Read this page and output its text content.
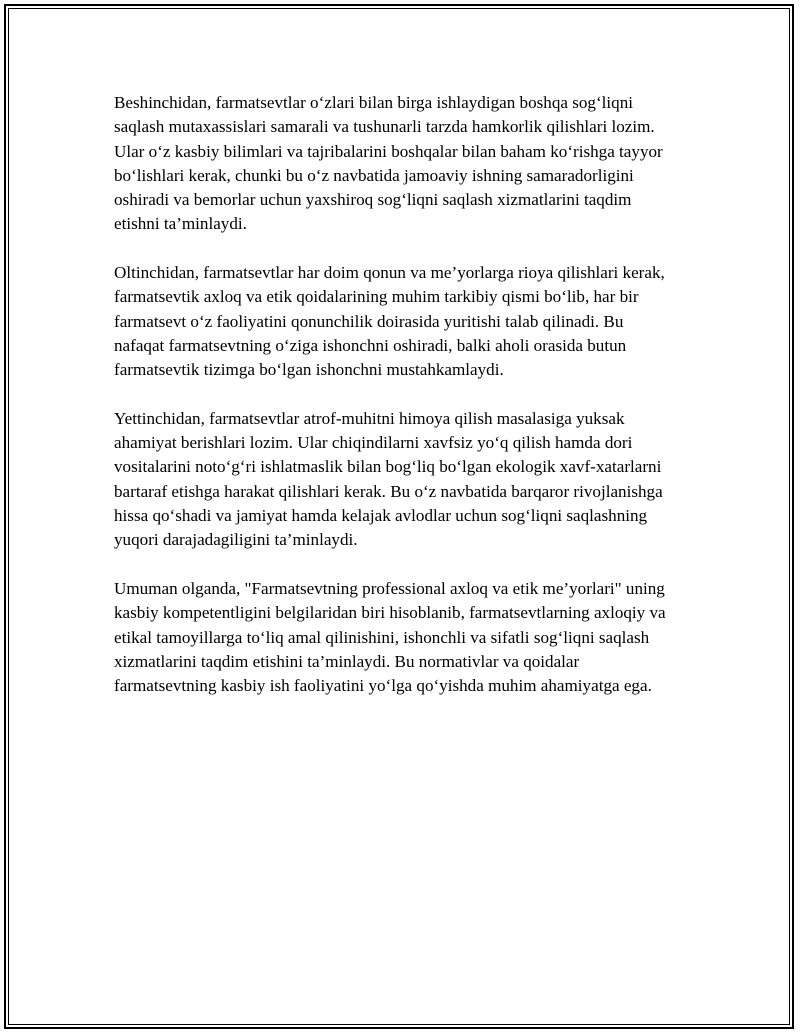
Beshinchidan, farmatsevtlar o‘zlari bilan birga ishlaydigan boshqa sog‘liqni saqlash mutaxassislari samarali va tushunarli tarzda hamkorlik qilishlari lozim. Ular o‘z kasbiy bilimlari va tajribalarini boshqalar bilan baham ko‘rishga tayyor bo‘lishlari kerak, chunki bu o‘z navbatida jamoaviy ishning samaradorligini oshiradi va bemorlar uchun yaxshiroq sog‘liqni saqlash xizmatlarini taqdim etishni ta’minlaydi.

Oltinchidan, farmatsevtlar har doim qonun va me’yorlarga rioya qilishlari kerak, farmatsevtik axloq va etik qoidalarining muhim tarkibiy qismi bo‘lib, har bir farmatsevt o‘z faoliyatini qonunchilik doirasida yuritishi talab qilinadi. Bu nafaqat farmatsevtning o‘ziga ishonchni oshiradi, balki aholi orasida butun farmatsevtik tizimga bo‘lgan ishonchni mustahkamlaydi.

Yettinchidan, farmatsevtlar atrof-muhitni himoya qilish masalasiga yuksak ahamiyat berishlari lozim. Ular chiqindilarni xavfsiz yo‘q qilish hamda dori vositalarini noto‘g‘ri ishlatmaslik bilan bog‘liq bo‘lgan ekologik xavf-xatarlarni bartaraf etishga harakat qilishlari kerak. Bu o‘z navbatida barqaror rivojlanishga hissa qo‘shadi va jamiyat hamda kelajak avlodlar uchun sog‘liqni saqlashning yuqori darajadagiligini ta’minlaydi.

Umuman olganda, "Farmatsevtning professional axloq va etik me’yorlari" uning kasbiy kompetentligini belgilaridan biri hisoblanib, farmatsevtlarning axloqiy va etikal tamoyillarga to‘liq amal qilinishini, ishonchli va sifatli sog‘liqni saqlash xizmatlarini taqdim etishini ta’minlaydi. Bu normativlar va qoidalar farmatsevtning kasbiy ish faoliyatini yo‘lga qo‘yishda muhim ahamiyatga ega.
